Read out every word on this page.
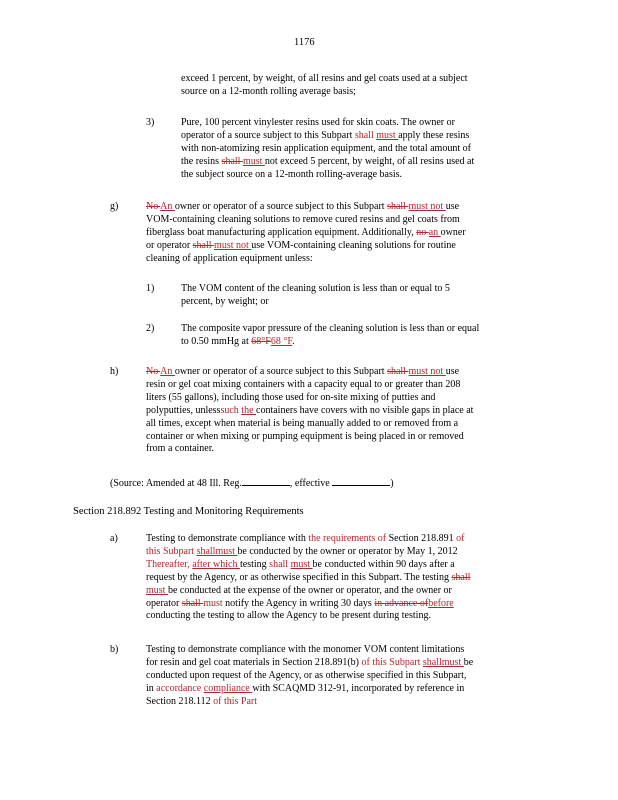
1176
exceed 1 percent, by weight, of all resins and gel coats used at a subject
source on a 12-month rolling average basis;
3)	Pure, 100 percent vinylester resins used for skin coats. The owner or
operator of a source subject to this Subpart shall must apply these resins
with non-atomizing resin application equipment, and the total amount of
the resins shall must not exceed 5 percent, by weight, of all resins used at
the subject source on a 12-month rolling-average basis.
g)	No An owner or operator of a source subject to this Subpart shall must not use
VOM-containing cleaning solutions to remove cured resins and gel coats from
fiberglass boat manufacturing application equipment. Additionally, no an owner
or operator shall must not use VOM-containing cleaning solutions for routine
cleaning of application equipment unless:
1)	The VOM content of the cleaning solution is less than or equal to 5
percent, by weight; or
2)	The composite vapor pressure of the cleaning solution is less than or equal
to 0.50 mmHg at 68°F68 °F.
h)	No An owner or operator of a source subject to this Subpart shall must not use
resin or gel coat mixing containers with a capacity equal to or greater than 208
liters (55 gallons), including those used for on-site mixing of putties and
polyputties, unlesssuch the containers have covers with no visible gaps in place at
all times, except when material is being manually added to or removed from a
container or when mixing or pumping equipment is being placed in or removed
from a container.
(Source: Amended at 48 Ill. Reg.	, effective	)
Section 218.892 Testing and Monitoring Requirements
a)	Testing to demonstrate compliance with the requirements of Section 218.891 of
this Subpart shallmust be conducted by the owner or operator by May 1, 2012
Thereafter, after which testing shall must be conducted within 90 days after a
request by the Agency, or as otherwise specified in this Subpart. The testing shall
must be conducted at the expense of the owner or operator, and the owner or
operator shall must notify the Agency in writing 30 days in advance ofbefore
conducting the testing to allow the Agency to be present during testing.
b)	Testing to demonstrate compliance with the monomer VOM content limitations
for resin and gel coat materials in Section 218.891(b) of this Subpart shallmust be
conducted upon request of the Agency, or as otherwise specified in this Subpart,
in accordance compliance with SCAQMD 312-91, incorporated by reference in
Section 218.112 of this Part
